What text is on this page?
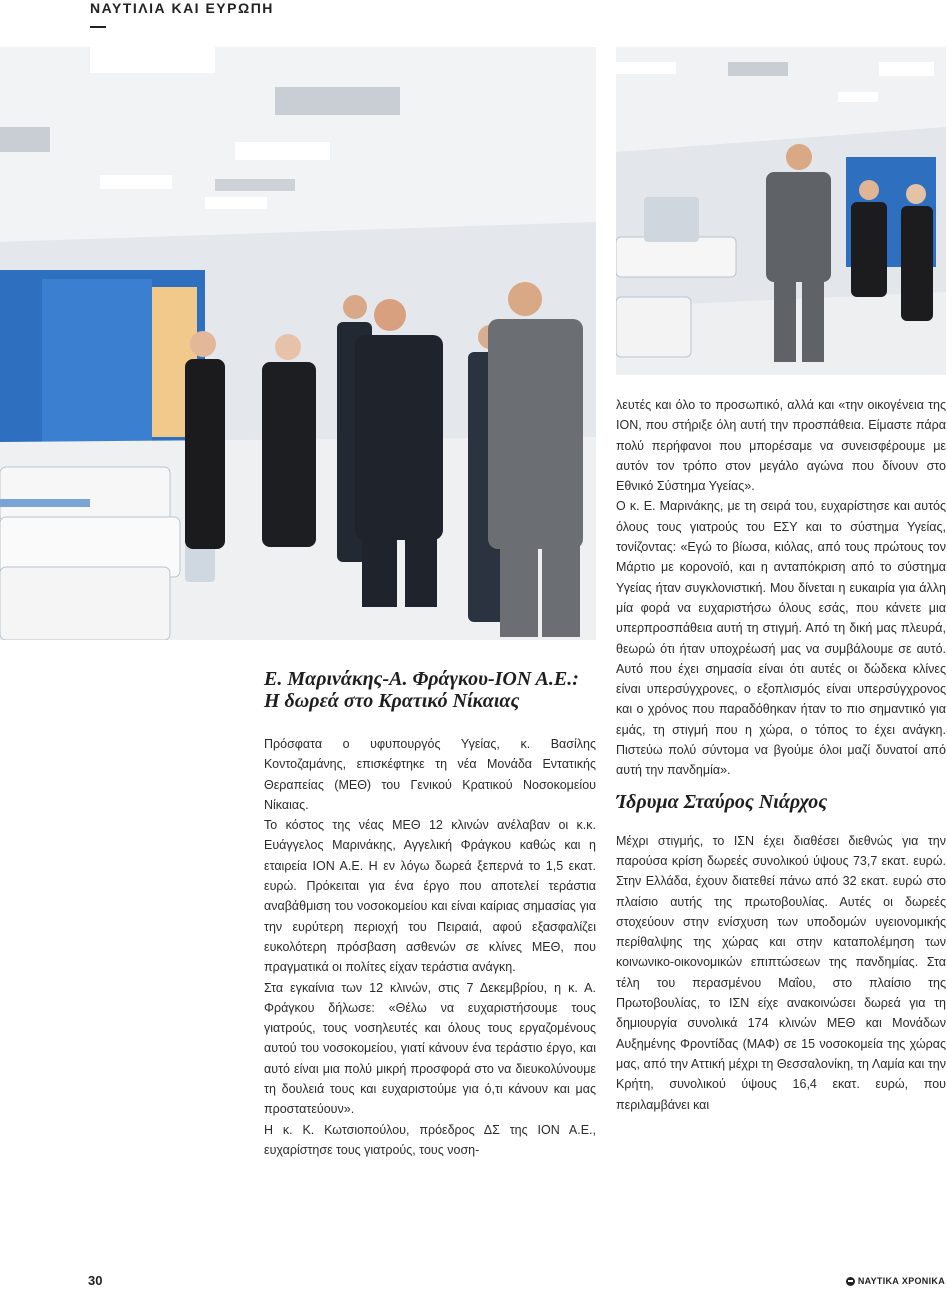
ΝΑΥΤΙΛΙΑ ΚΑΙ ΕΥΡΩΠΗ
Ε. Μαρινάκης-Α. Φράγκου-ΙΟΝ Α.Ε.:
Η δωρεά στο Κρατικό Νίκαιας

Πρόσφατα ο υφυπουργός Υγείας, κ. Βασίλης Κοντοζαμάνης, επισκέφτηκε τη νέα Μονάδα Εντατικής Θεραπείας (ΜΕΘ) του Γενικού Κρατικού Νοσοκομείου Νίκαιας.

Το κόστος της νέας ΜΕΘ 12 κλινών ανέλαβαν οι κ.κ. Ευάγγελος Μαρινάκης, Αγγελική Φράγκου καθώς και η εταιρεία ΙΟΝ Α.Ε. Η εν λόγω δωρεά ξεπερνά το 1,5 εκατ. ευρώ. Πρόκειται για ένα έργο που αποτελεί τεράστια αναβάθμιση του νοσοκομείου και είναι καίριας σημασίας για την ευρύτερη περιοχή του Πειραιά, αφού εξασφαλίζει ευκολότερη πρόσβαση ασθενών σε κλίνες ΜΕΘ, που πραγματικά οι πολίτες είχαν τεράστια ανάγκη.

Στα εγκαίνια των 12 κλινών, στις 7 Δεκεμβρίου, η κ. Α. Φράγκου δήλωσε: «Θέλω να ευχαριστήσουμε τους γιατρούς, τους νοσηλευτές και όλους τους εργαζομένους αυτού του νοσοκομείου, γιατί κάνουν ένα τεράστιο έργο, και αυτό είναι μια πολύ μικρή προσφορά στο να διευκολύνουμε τη δουλειά τους και ευχαριστούμε για ό,τι κάνουν και μας προστατεύουν».

Η κ. Κ. Κωτσιοπούλου, πρόεδρος ΔΣ της ΙΟΝ Α.Ε., ευχαρίστησε τους γιατρούς, τους νοση-

λευτές και όλο το προσωπικό, αλλά και «την οικογένεια της ΙΟΝ, που στήριξε όλη αυτή την προσπάθεια. Είμαστε πάρα πολύ περήφανοι που μπορέσαμε να συνεισφέρουμε με αυτόν τον τρόπο στον μεγάλο αγώνα που δίνουν στο Εθνικό Σύστημα Υγείας».

Ο κ. Ε. Μαρινάκης, με τη σειρά του, ευχαρίστησε και αυτός όλους τους γιατρούς του ΕΣΥ και το σύστημα Υγείας, τονίζοντας: «Εγώ το βίωσα, κιόλας, από τους πρώτους τον Μάρτιο με κορονοϊό, και η ανταπόκριση από το σύστημα Υγείας ήταν συγκλονιστική. Μου δίνεται η ευκαιρία για άλλη μία φορά να ευχαριστήσω όλους εσάς, που κάνετε μια υπερπροσπάθεια αυτή τη στιγμή. Από τη δική μας πλευρά, θεωρώ ότι ήταν υποχρέωσή μας να συμβάλουμε σε αυτό. Αυτό που έχει σημασία είναι ότι αυτές οι δώδεκα κλίνες είναι υπερσύγχρονες, ο εξοπλισμός είναι υπερσύγχρονος και ο χρόνος που παραδόθηκαν ήταν το πιο σημαντικό για εμάς, τη στιγμή που η χώρα, ο τόπος το έχει ανάγκη. Πιστεύω πολύ σύντομα να βγούμε όλοι μαζί δυνατοί από αυτή την πανδημία».

Ίδρυμα Σταύρος Νιάρχος

Μέχρι στιγμής, το ΙΣΝ έχει διαθέσει διεθνώς για την παρούσα κρίση δωρεές συνολικού ύψους 73,7 εκατ. ευρώ. Στην Ελλάδα, έχουν διατεθεί πάνω από 32 εκατ. ευρώ στο πλαίσιο αυτής της πρωτοβουλίας. Αυτές οι δωρεές στοχεύουν στην ενίσχυση των υποδομών υγειονομικής περίθαλψης της χώρας και στην καταπολέμηση των κοινωνικο-οικονομικών επιπτώσεων της πανδημίας. Στα τέλη του περασμένου Μαΐου, στο πλαίσιο της Πρωτοβουλίας, το ΙΣΝ είχε ανακοινώσει δωρεά για τη δημιουργία συνολικά 174 κλινών ΜΕΘ και Μονάδων Αυξημένης Φροντίδας (ΜΑΦ) σε 15 νοσοκομεία της χώρας μας, από την Αττική μέχρι τη Θεσσαλονίκη, τη Λαμία και την Κρήτη, συνολικού ύψους 16,4 εκατ. ευρώ, που περιλαμβάνει και

30	ΝΑΥΤΙΚΑ ΧΡΟΝΙΚΑ
